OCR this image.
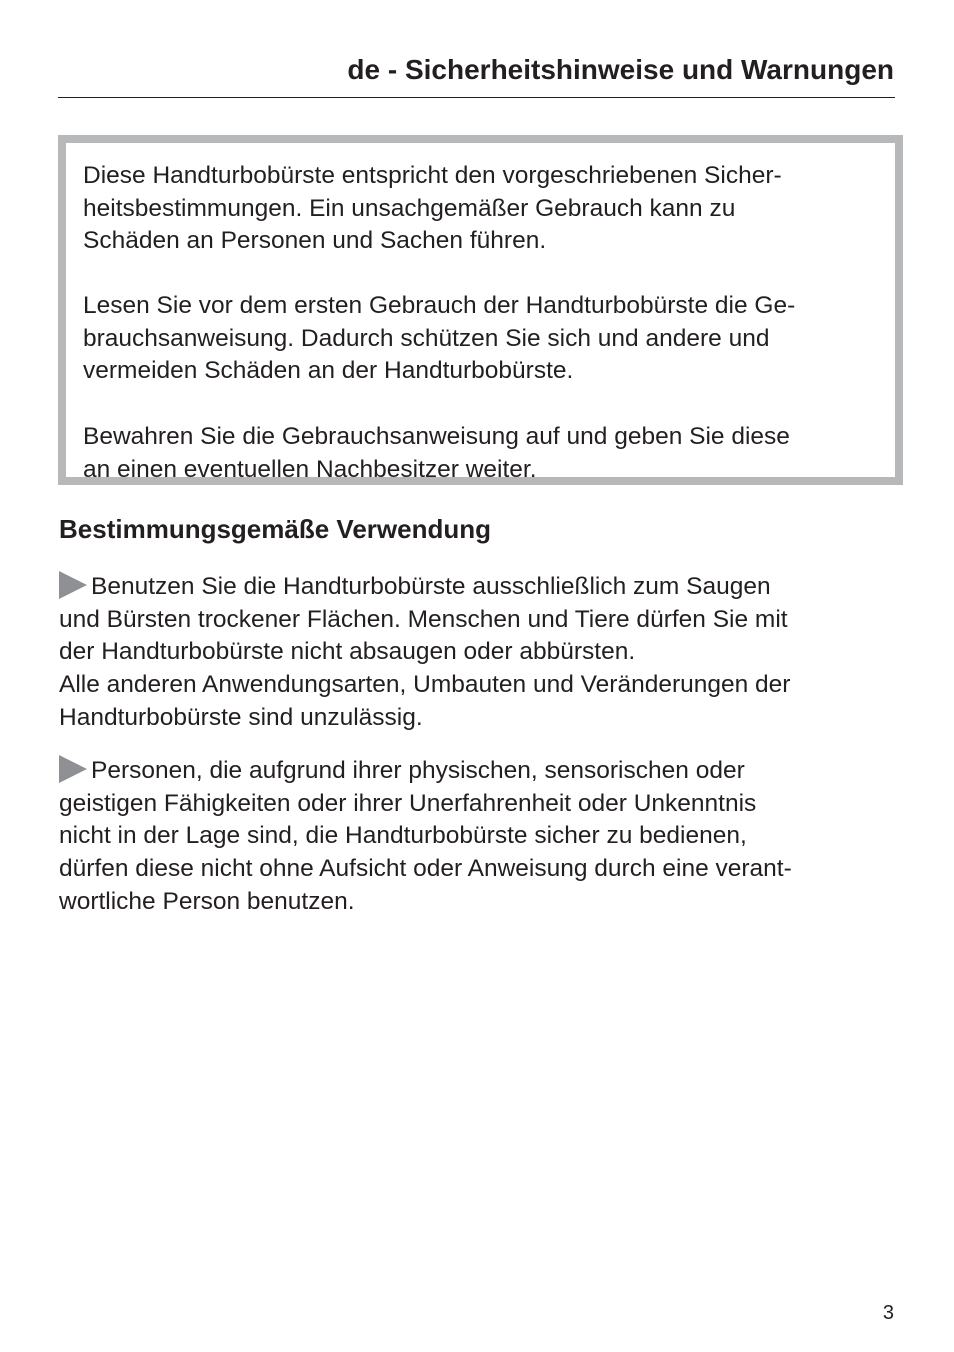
de - Sicherheitshinweise und Warnungen

Diese Handturbobürste entspricht den vorgeschriebenen Sicher-
heitsbestimmungen. Ein unsachgemäßer Gebrauch kann zu
Schäden an Personen und Sachen führen.

Lesen Sie vor dem ersten Gebrauch der Handturbobürste die Ge-
brauchsanweisung. Dadurch schützen Sie sich und andere und
vermeiden Schäden an der Handturbobürste.

Bewahren Sie die Gebrauchsanweisung auf und geben Sie diese
an einen eventuellen Nachbesitzer weiter.

Bestimmungsgemäße Verwendung
Benutzen Sie die Handturbobürste ausschließlich zum Saugen
und Bürsten trockener Flächen. Menschen und Tiere dürfen Sie mit
der Handturbobürste nicht absaugen oder abbürsten.
Alle anderen Anwendungsarten, Umbauten und Veränderungen der
Handturbobürste sind unzulässig.
Personen, die aufgrund ihrer physischen, sensorischen oder
geistigen Fähigkeiten oder ihrer Unerfahrenheit oder Unkenntnis
nicht in der Lage sind, die Handturbobürste sicher zu bedienen,
dürfen diese nicht ohne Aufsicht oder Anweisung durch eine verant-
wortliche Person benutzen.
3
